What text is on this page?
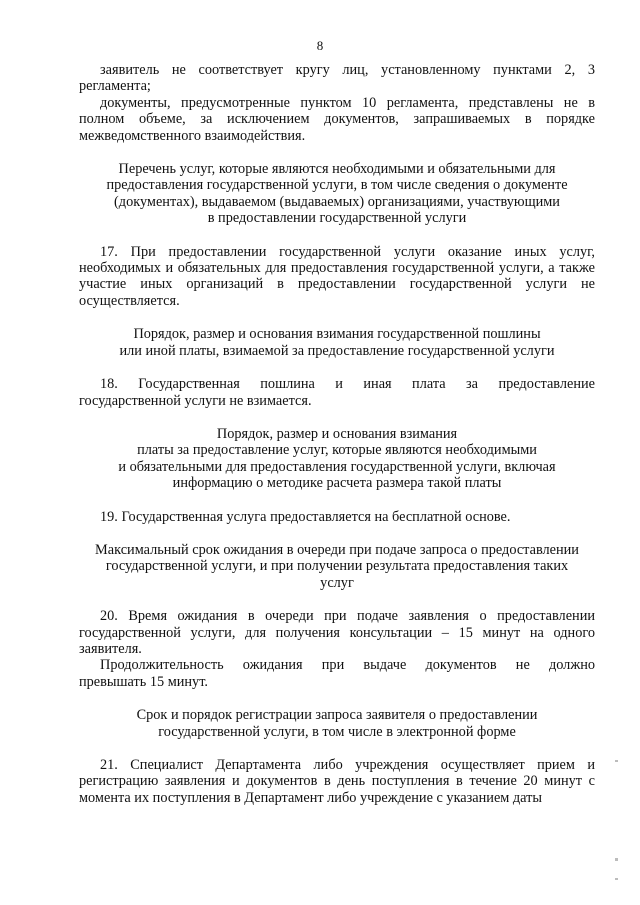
8

заявитель не соответствует кругу лиц, установленному пунктами 2, 3

регламента;

документы, предусмотренные пунктом 10 регламента, представлены не в полном объеме, за исключением документов, запрашиваемых в порядке межведомственного взаимодействия.

Перечень услуг, которые являются необходимыми и обязательными для

предоставления государственной услуги, в том числе сведения о документе

(документах), выдаваемом (выдаваемых) организациями, участвующими

в предоставлении государственной услуги

17. При предоставлении государственной услуги оказание иных услуг, необходимых и обязательных для предоставления государственной услуги, а также участие иных организаций в предоставлении государственной услуги не осуществляется.

Порядок, размер и основания взимания государственной пошлины

или иной платы, взимаемой за предоставление государственной услуги

18. Государственная пошлина и иная плата за предоставление

государственной услуги не взимается.

Порядок, размер и основания взимания

платы за предоставление услуг, которые являются необходимыми

и обязательными для предоставления государственной услуги, включая

информацию о методике расчета размера такой платы

19. Государственная услуга предоставляется на бесплатной основе.

Максимальный срок ожидания в очереди при подаче запроса о предоставлении

государственной услуги, и при получении результата предоставления таких

услуг

20. Время ожидания в очереди при подаче заявления о предоставлении государственной услуги, для получения консультации – 15 минут на одного заявителя.

Продолжительность ожидания при выдаче документов не должно

превышать 15 минут.

Срок и порядок регистрации запроса заявителя о предоставлении

государственной услуги, в том числе в электронной форме

21. Специалист Департамента либо учреждения осуществляет прием и регистрацию заявления и документов в день поступления в течение 20 минут с момента их поступления в Департамент либо учреждение с указанием даты
